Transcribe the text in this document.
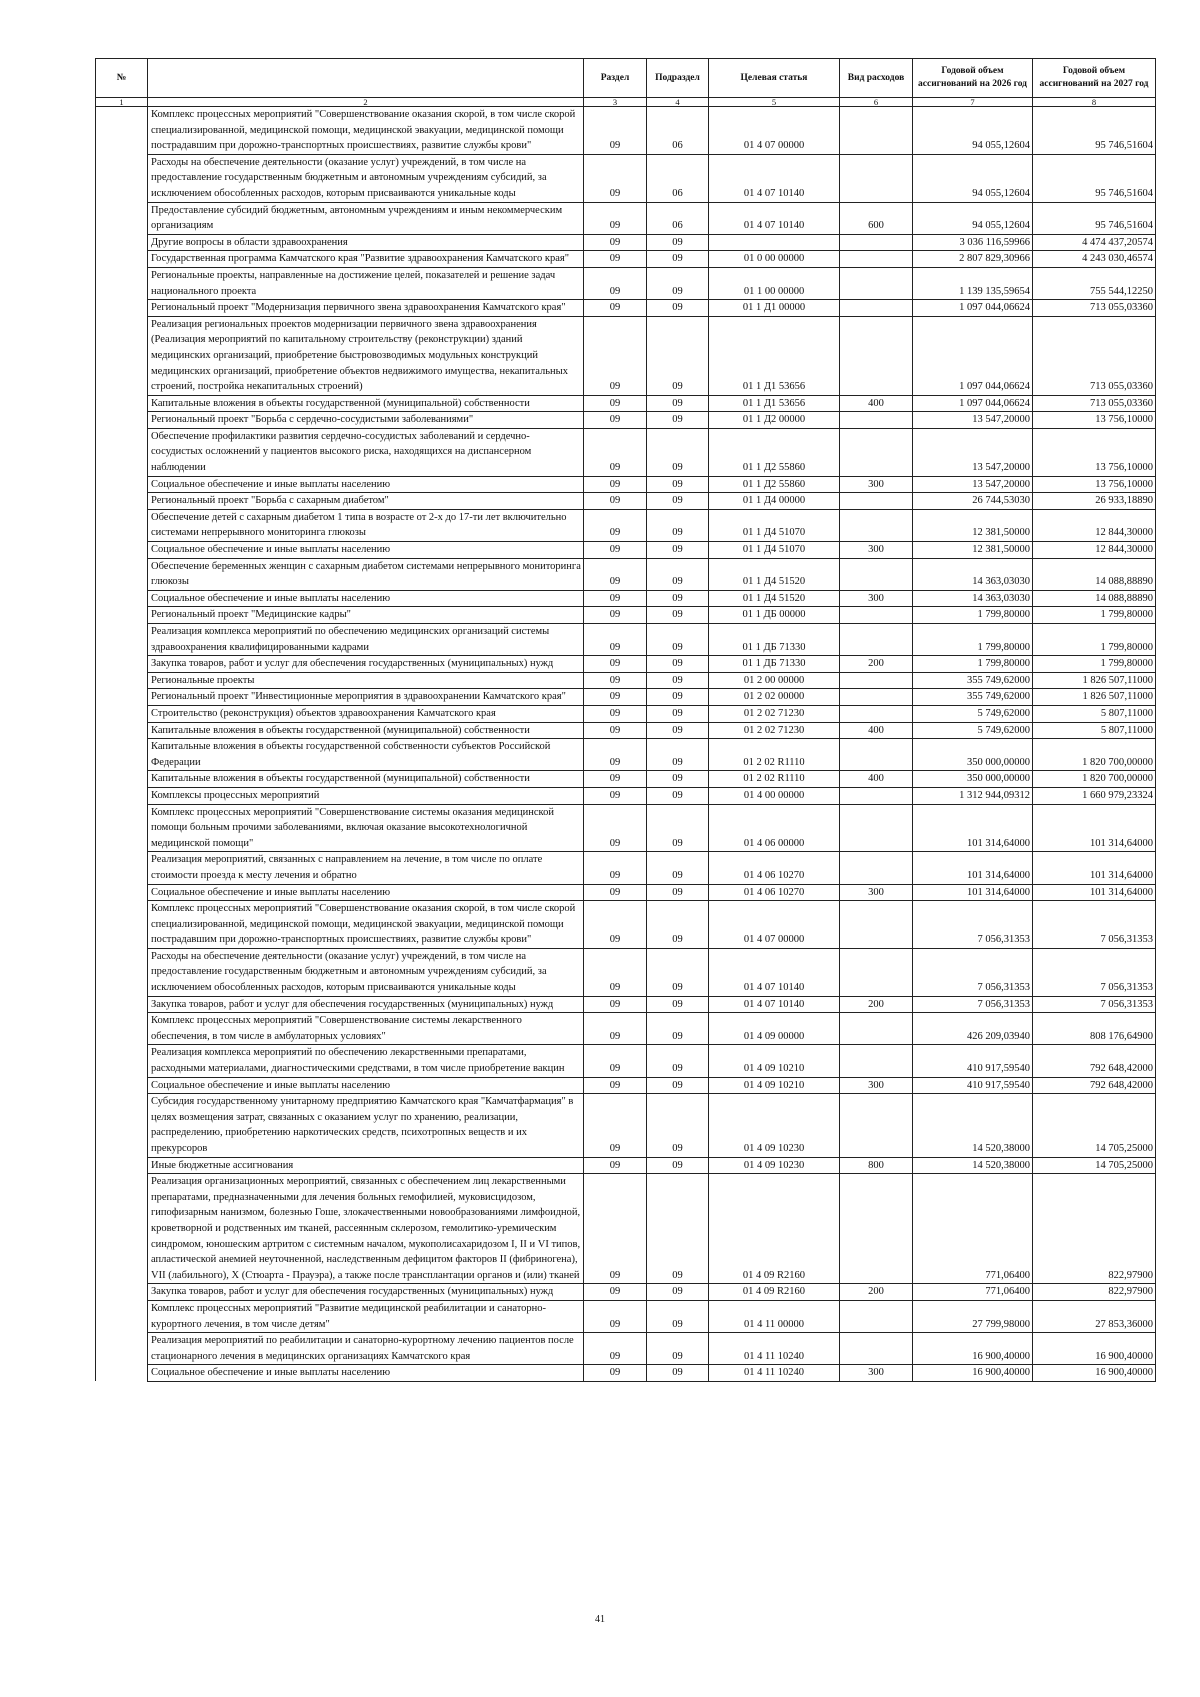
№		Раздел	Подраздел	Целевая статья	Вид расходов	Годовой объем ассигнований на 2026 год	Годовой объем ассигнований на 2027 год
1	2	3	4	5	6	7	8
	Комплекс процессных мероприятий "Совершенствование оказания скорой, в том числе скорой специализированной, медицинской помощи, медицинской эвакуации, медицинской помощи пострадавшим при дорожно-транспортных происшествиях, развитие службы крови"	09	06	01 4 07 00000		94 055,12604	95 746,51604
	Расходы на обеспечение деятельности (оказание услуг) учреждений, в том числе на предоставление государственным бюджетным и автономным учреждениям субсидий, за исключением обособленных расходов, которым присваиваются уникальные коды	09	06	01 4 07 10140		94 055,12604	95 746,51604
	Предоставление субсидий бюджетным, автономным учреждениям и иным некоммерческим организациям	09	06	01 4 07 10140	600	94 055,12604	95 746,51604
	Другие вопросы в области здравоохранения	09	09			3 036 116,59966	4 474 437,20574
	Государственная программа Камчатского края "Развитие здравоохранения Камчатского края"	09	09	01 0 00 00000		2 807 829,30966	4 243 030,46574
	Региональные проекты, направленные на достижение целей, показателей и решение задач национального проекта	09	09	01 1 00 00000		1 139 135,59654	755 544,12250
	Региональный проект "Модернизация первичного звена здравоохранения Камчатского края"	09	09	01 1 Д1 00000		1 097 044,06624	713 055,03360
	Реализация региональных проектов модернизации первичного звена здравоохранения (Реализация мероприятий по капитальному строительству (реконструкции) зданий медицинских организаций, приобретение быстровозводимых модульных конструкций медицинских организаций, приобретение объектов недвижимого имущества, некапитальных строений, постройка некапитальных строений)	09	09	01 1 Д1 53656		1 097 044,06624	713 055,03360
	Капитальные вложения в объекты государственной (муниципальной) собственности	09	09	01 1 Д1 53656	400	1 097 044,06624	713 055,03360
	Региональный проект "Борьба с сердечно-сосудистыми заболеваниями"	09	09	01 1 Д2 00000		13 547,20000	13 756,10000
	Обеспечение профилактики развития сердечно-сосудистых заболеваний и сердечно-сосудистых осложнений у пациентов высокого риска, находящихся на диспансерном наблюдении	09	09	01 1 Д2 55860		13 547,20000	13 756,10000
	Социальное обеспечение и иные выплаты населению	09	09	01 1 Д2 55860	300	13 547,20000	13 756,10000
	Региональный проект "Борьба с сахарным диабетом"	09	09	01 1 Д4 00000		26 744,53030	26 933,18890
	Обеспечение детей с сахарным диабетом 1 типа в возрасте от 2-х до 17-ти лет включительно системами непрерывного мониторинга глюкозы	09	09	01 1 Д4 51070		12 381,50000	12 844,30000
	Социальное обеспечение и иные выплаты населению	09	09	01 1 Д4 51070	300	12 381,50000	12 844,30000
	Обеспечение беременных женщин с сахарным диабетом системами непрерывного мониторинга глюкозы	09	09	01 1 Д4 51520		14 363,03030	14 088,88890
	Социальное обеспечение и иные выплаты населению	09	09	01 1 Д4 51520	300	14 363,03030	14 088,88890
	Региональный проект "Медицинские кадры"	09	09	01 1 ДБ 00000		1 799,80000	1 799,80000
	Реализация комплекса мероприятий по обеспечению медицинских организаций системы здравоохранения квалифицированными кадрами	09	09	01 1 ДБ 71330		1 799,80000	1 799,80000
	Закупка товаров, работ и услуг для обеспечения государственных (муниципальных) нужд	09	09	01 1 ДБ 71330	200	1 799,80000	1 799,80000
	Региональные проекты	09	09	01 2 00 00000		355 749,62000	1 826 507,11000
	Региональный проект "Инвестиционные мероприятия в здравоохранении Камчатского края"	09	09	01 2 02 00000		355 749,62000	1 826 507,11000
	Строительство (реконструкция) объектов здравоохранения Камчатского края	09	09	01 2 02 71230		5 749,62000	5 807,11000
	Капитальные вложения в объекты государственной (муниципальной) собственности	09	09	01 2 02 71230	400	5 749,62000	5 807,11000
	Капитальные вложения в объекты государственной собственности субъектов Российской Федерации	09	09	01 2 02 R1110		350 000,00000	1 820 700,00000
	Капитальные вложения в объекты государственной (муниципальной) собственности	09	09	01 2 02 R1110	400	350 000,00000	1 820 700,00000
	Комплексы процессных мероприятий	09	09	01 4 00 00000		1 312 944,09312	1 660 979,23324
	Комплекс процессных мероприятий "Совершенствование системы оказания медицинской помощи больным прочими заболеваниями, включая оказание высокотехнологичной медицинской помощи"	09	09	01 4 06 00000		101 314,64000	101 314,64000
	Реализация мероприятий, связанных с направлением на лечение, в том числе по оплате стоимости проезда к месту лечения и обратно	09	09	01 4 06 10270		101 314,64000	101 314,64000
	Социальное обеспечение и иные выплаты населению	09	09	01 4 06 10270	300	101 314,64000	101 314,64000
	Комплекс процессных мероприятий "Совершенствование оказания скорой, в том числе скорой специализированной, медицинской помощи, медицинской эвакуации, медицинской помощи пострадавшим при дорожно-транспортных происшествиях, развитие службы крови"	09	09	01 4 07 00000		7 056,31353	7 056,31353
	Расходы на обеспечение деятельности (оказание услуг) учреждений, в том числе на предоставление государственным бюджетным и автономным учреждениям субсидий, за исключением обособленных расходов, которым присваиваются уникальные коды	09	09	01 4 07 10140		7 056,31353	7 056,31353
	Закупка товаров, работ и услуг для обеспечения государственных (муниципальных) нужд	09	09	01 4 07 10140	200	7 056,31353	7 056,31353
	Комплекс процессных мероприятий "Совершенствование системы лекарственного обеспечения, в том числе в амбулаторных условиях"	09	09	01 4 09 00000		426 209,03940	808 176,64900
	Реализация комплекса мероприятий по обеспечению лекарственными препаратами, расходными материалами, диагностическими средствами, в том числе приобретение вакцин	09	09	01 4 09 10210		410 917,59540	792 648,42000
	Социальное обеспечение и иные выплаты населению	09	09	01 4 09 10210	300	410 917,59540	792 648,42000
	Субсидия государственному унитарному предприятию Камчатского края "Камчатфармация" в целях возмещения затрат, связанных с оказанием услуг по хранению, реализации, распределению, приобретению наркотических средств, психотропных веществ и их прекурсоров	09	09	01 4 09 10230		14 520,38000	14 705,25000
	Иные бюджетные ассигнования	09	09	01 4 09 10230	800	14 520,38000	14 705,25000
	Реализация организационных мероприятий, связанных с обеспечением лиц лекарственными препаратами, предназначенными для лечения больных гемофилией, муковисцидозом, гипофизарным нанизмом, болезнью Гоше, злокачественными новообразованиями лимфоидной, кроветворной и родственных им тканей, рассеянным склерозом, гемолитико-уремическим синдромом, юношеским артритом с системным началом, мукополисахаридозом I, II и VI типов, апластической анемией неуточненной, наследственным дефицитом факторов II (фибриногена), VII (лабильного), X (Стюарта - Прауэра), а также после трансплантации органов и (или) тканей	09	09	01 4 09 R2160		771,06400	822,97900
	Закупка товаров, работ и услуг для обеспечения государственных (муниципальных) нужд	09	09	01 4 09 R2160	200	771,06400	822,97900
	Комплекс процессных мероприятий "Развитие медицинской реабилитации и санаторно-курортного лечения, в том числе детям"	09	09	01 4 11 00000		27 799,98000	27 853,36000
	Реализация мероприятий по реабилитации и санаторно-курортному лечению пациентов после стационарного лечения в медицинских организациях Камчатского края	09	09	01 4 11 10240		16 900,40000	16 900,40000
	Социальное обеспечение и иные выплаты населению	09	09	01 4 11 10240	300	16 900,40000	16 900,40000
41
